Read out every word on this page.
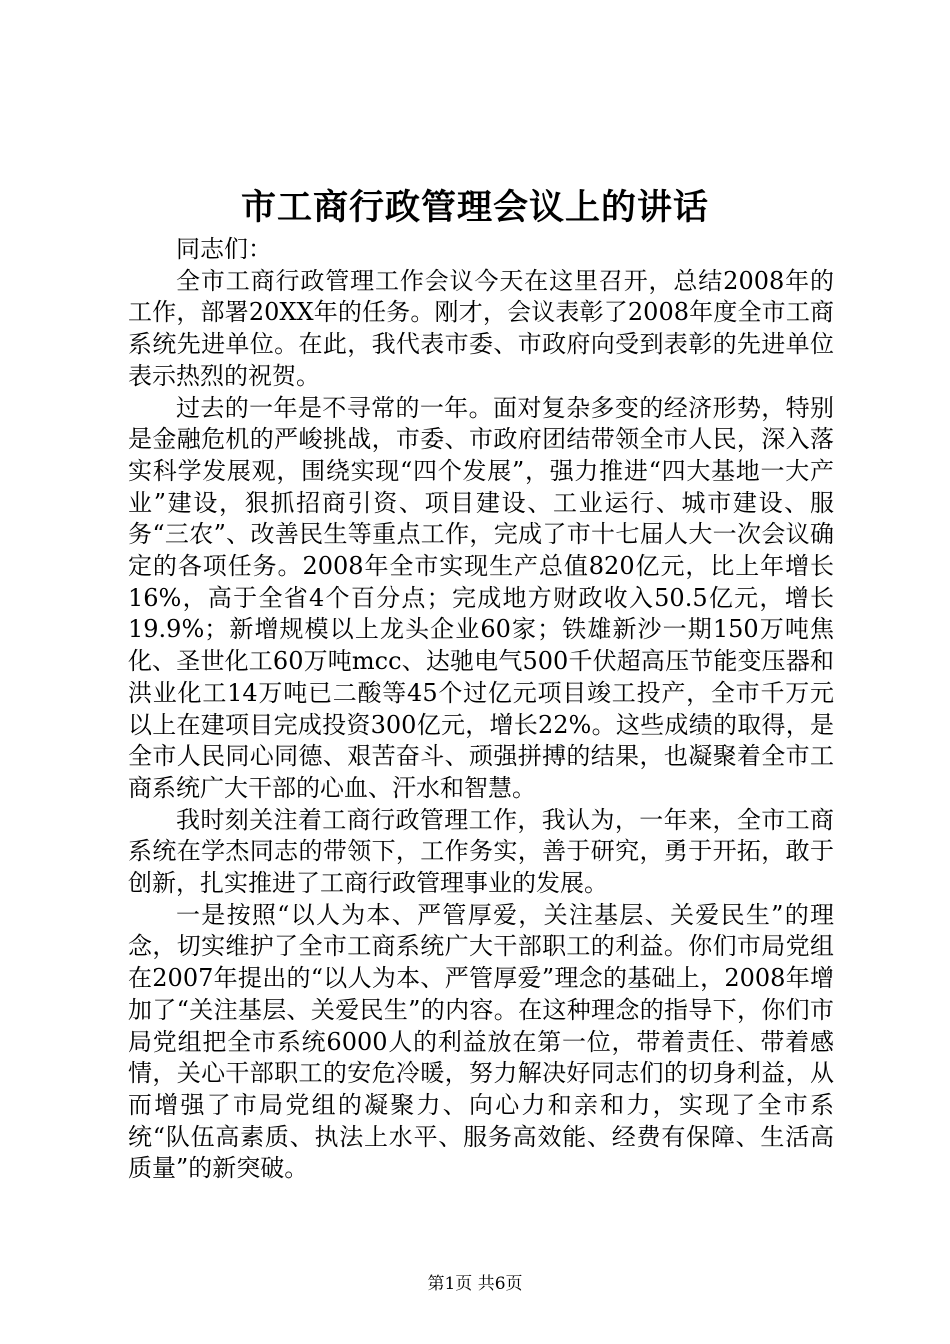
市工商行政管理会议上的讲话

同志们：

全市工商行政管理工作会议今天在这里召开，总结2008年的工作，部署20XX年的任务。刚才，会议表彰了2008年度全市工商系统先进单位。在此，我代表市委、市政府向受到表彰的先进单位表示热烈的祝贺。

过去的一年是不寻常的一年。面对复杂多变的经济形势，特别是金融危机的严峻挑战，市委、市政府团结带领全市人民，深入落实科学发展观，围绕实现“四个发展”，强力推进“四大基地一大产业”建设，狠抓招商引资、项目建设、工业运行、城市建设、服务“三农”、改善民生等重点工作，完成了市十七届人大一次会议确定的各项任务。2008年全市实现生产总值820亿元，比上年增长16%，高于全省4个百分点；完成地方财政收入50.5亿元，增长19.9%；新增规模以上龙头企业60家；铁雄新沙一期150万吨焦化、圣世化工60万吨mcc、达驰电气500千伏超高压节能变压器和洪业化工14万吨已二酸等45个过亿元项目竣工投产，全市千万元以上在建项目完成投资300亿元，增长22%。这些成绩的取得，是全市人民同心同德、艰苦奋斗、顽强拼搏的结果，也凝聚着全市工商系统广大干部的心血、汗水和智慧。

我时刻关注着工商行政管理工作，我认为，一年来，全市工商系统在学杰同志的带领下，工作务实，善于研究，勇于开拓，敢于创新，扎实推进了工商行政管理事业的发展。

一是按照“以人为本、严管厚爱，关注基层、关爱民生”的理念，切实维护了全市工商系统广大干部职工的利益。你们市局党组在2007年提出的“以人为本、严管厚爱”理念的基础上，2008年增加了“关注基层、关爱民生”的内容。在这种理念的指导下，你们市局党组把全市系统6000人的利益放在第一位，带着责任、带着感情，关心干部职工的安危冷暖，努力解决好同志们的切身利益，从而增强了市局党组的凝聚力、向心力和亲和力，实现了全市系统“队伍高素质、执法上水平、服务高效能、经费有保障、生活高质量”的新突破。

第1页 共6页
